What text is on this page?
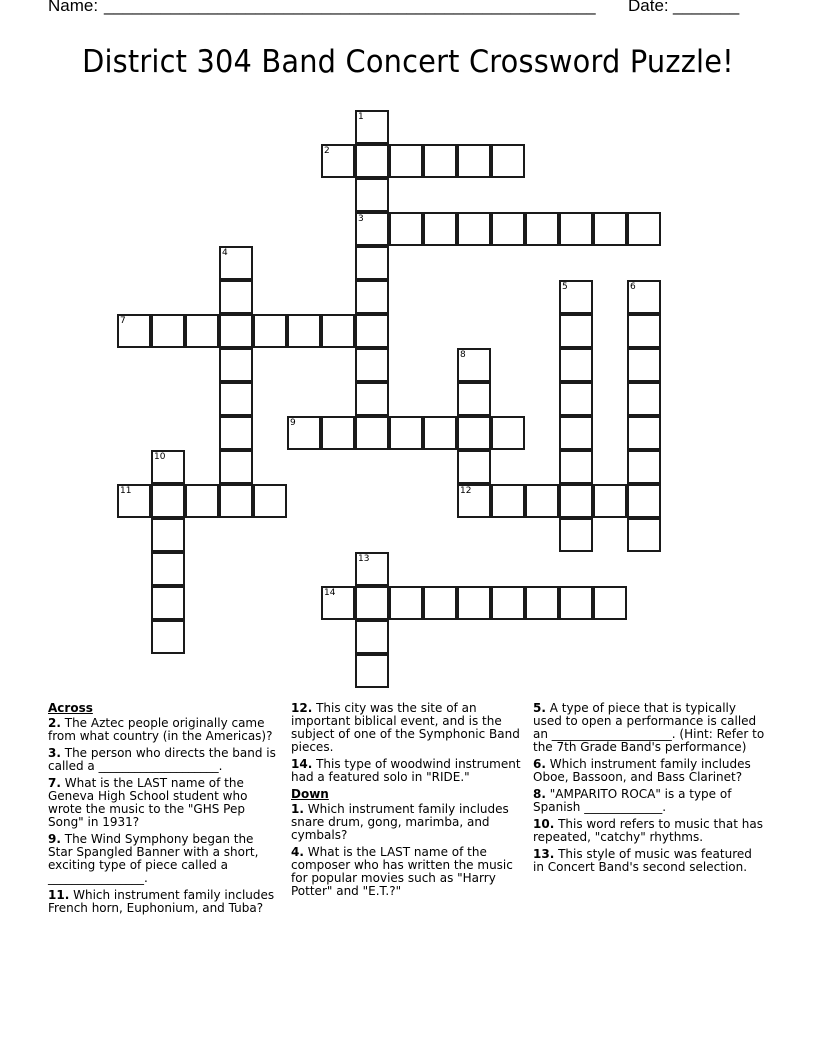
Name: ____________________________________________________ Date: _______
District 304 Band Concert Crossword Puzzle!
1
3
2
4
5	6
7
8
12
9
10
11
13
14
Across
2. The Aztec people originally came from what country (in the Americas)?
3. The person who directs the band is called a ____________________.
7. What is the LAST name of the Geneva High School student who wrote the music to the "GHS Pep Song" in 1931?
9. The Wind Symphony began the Star Spangled Banner with a short, exciting type of piece called a ________________.
11. Which instrument family includes French horn, Euphonium, and Tuba?
12. This city was the site of an important biblical event, and is the subject of one of the Symphonic Band pieces.
14. This type of woodwind instrument had a featured solo in "RIDE."
Down
1. Which instrument family includes snare drum, gong, marimba, and cymbals?
4. What is the LAST name of the composer who has written the music for popular movies such as "Harry Potter" and "E.T.?"
5. A type of piece that is typically used to open a performance is called an ____________________. (Hint: Refer to the 7th Grade Band's performance)
6. Which instrument family includes Oboe, Bassoon, and Bass Clarinet?
8. "AMPARITO ROCA" is a type of Spanish _____________.
10. This word refers to music that has repeated, "catchy" rhythms.
13. This style of music was featured in Concert Band's second selection.
